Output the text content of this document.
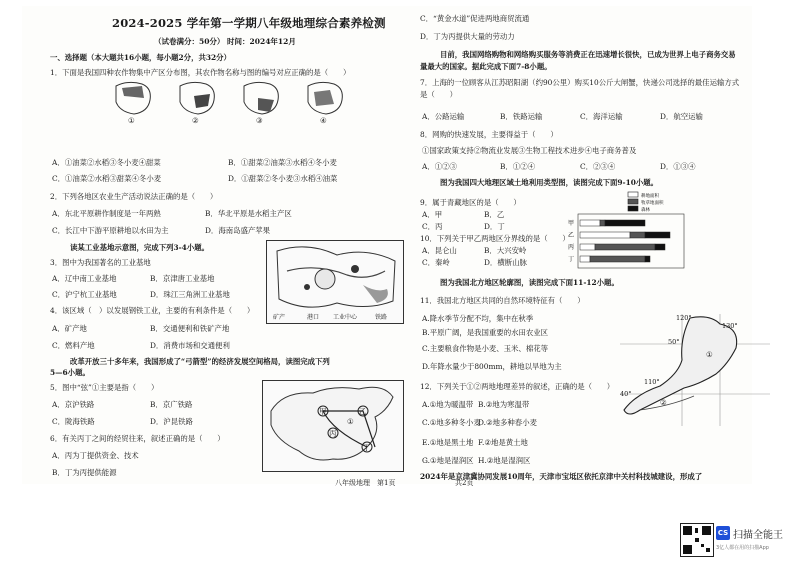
2024-2025 学年第一学期八年级地理综合素养检测
（试卷满分：50分） 时间：2024年12月
一、选择题（本大题共16小题，每小题2分，共32分）
1．下面是我国四种农作物集中产区分布图，其农作物名称与图的编号对应正确的是（　　）
①	②	③	④
A．①油菜②水稻③冬小麦④甜菜	B．①甜菜②油菜③水稻④冬小麦
C．①油菜②水稻③甜菜④冬小麦	D．①甜菜②冬小麦③水稻④油菜
2．下列各地区农业生产活动说法正确的是（　　）
A．东北平原耕作制度是一年两熟	B．华北平原是水稻主产区
C．长江中下游平原耕地以水田为主	D．海南岛盛产苹果
读某工业基地示意图，完成下列3-4小题。
矿产	港口 工业中心	铁路
3．图中为我国著名的工业基地
A．辽中南工业基地	B．京津唐工业基地
C．沪宁杭工业基地	D．珠江三角洲工业基地
4．该区域（　）以发展钢铁工业，主要的有利条件是（　　）
A．矿产地	B．交通便利和铁矿产地
C．燃料产地	D．消费市场和交通便利
改革开放三十多年来，我国形成了“弓箭型”的经济发展空间格局，读图完成下列
5—6小题。
甲	乙
丙
丁
①
5．图中“弦”①主要是指（　　）
A．京沪铁路	B．京广铁路
C．陇海铁路	D．沪昆铁路
6．有关丙丁之间的经贸往来，叙述正确的是（　　）
A．丙为丁提供资金、技术
B．丁为丙提供能源
C．“黄金水道”促进两地商贸流通
D．丁为丙提供大量的劳动力
目前，我国网络购物和网络购买服务等消费正在迅速增长很快，已成为世界上电子商务交易
量最大的国家。据此完成下面7-8小题。
7．上海的一位顾客从江苏昭阳湖（约90公里）购买10公斤大闸蟹，快递公司选择的最佳运输方式
是（　　）
A．公路运输	B．铁路运输	C．海洋运输	D．航空运输
8．网购的快速发展，主要得益于（　　）
①国家政策支持②物流业发展③生物工程技术进步④电子商务普及
A．①②③	B．①②④	C．②③④	D．①③④
图为我国四大地理区域土地利用类型图，读图完成下面9-10小题。
9．属于青藏地区的是（　　）
A．甲	B．乙
C．丙	D．丁
10．下列关于甲乙两地区分界线的是（　　）
A．昆仑山	B．大兴安岭
C．秦岭	D．横断山脉
耕地面积
牧草地面积
森林
甲
乙
丙
丁
图为我国北方地区轮廓图，读图完成下面11-12小题。
11．我国北方地区共同的自然环境特征有（　　）
A.降水季节分配不均，集中在秋季
B.平原广阔，是我国重要的水田农业区
C.主要粮食作物是小麦、玉米、棉花等
D.年降水量少于800mm，耕地以旱地为主
12．下列关于①②两地地理差异的叙述，正确的是（　　）
A.①地为暖温带 B.②地为寒温带
C.①地多种冬小麦
D.②地多种春小麦
E.①地是黑土地 F.②地是黄土地
G.①地是湿润区 H.②地是湿润区
120°
130°
50°
40°
110°
①
②
2024年是京津冀协同发展10周年，天津市宝坻区依托京津中关村科技城建设，形成了
八年级地理　第1页	共2页
CS 扫描全能王
3亿人都在用的扫描App
